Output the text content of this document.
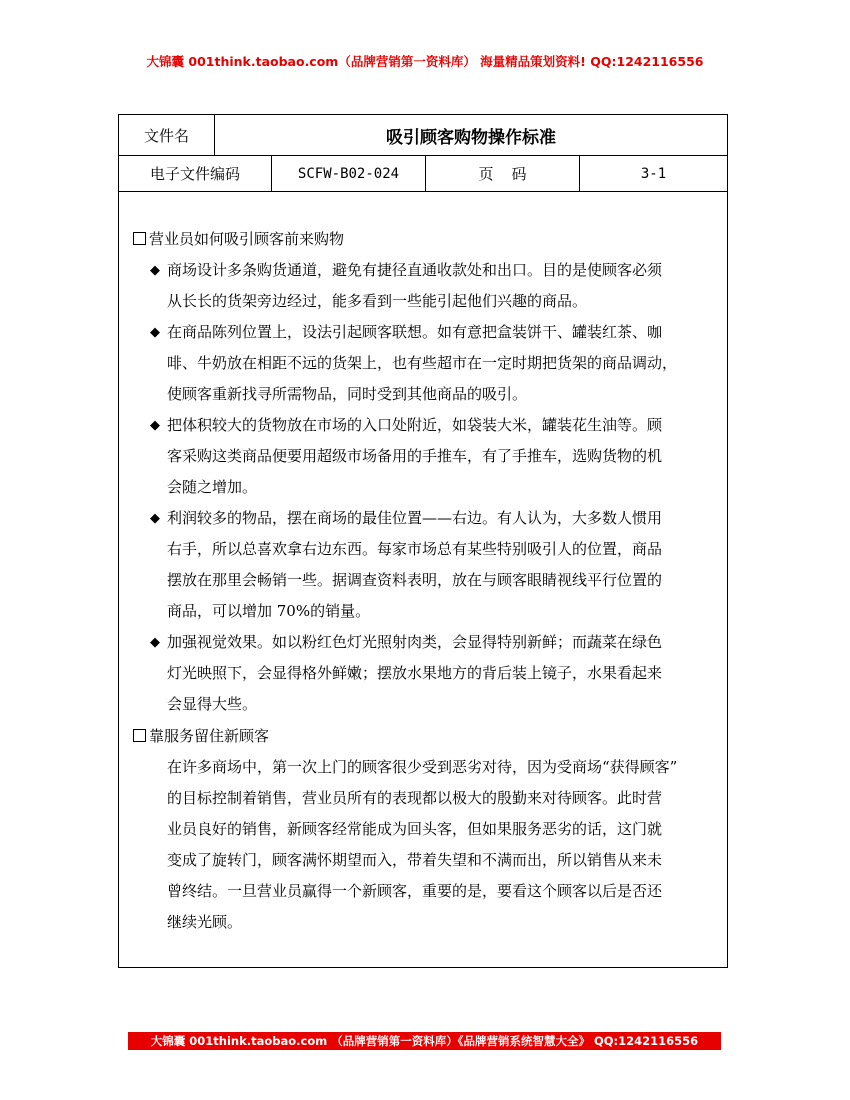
大锦囊 001think.taobao.com（品牌营销第一资料库） 海量精品策划资料! QQ:1242116556
文件名	吸引顾客购物操作标准
电子文件编码	SCFW-B02-024	页码	3-1
营业员如何吸引顾客前来购物
◆ 商场设计多条购货通道，避免有捷径直通收款处和出口。目的是使顾客必须
从长长的货架旁边经过，能多看到一些能引起他们兴趣的商品。
◆ 在商品陈列位置上，设法引起顾客联想。如有意把盒装饼干、罐装红茶、咖
啡、牛奶放在相距不远的货架上，也有些超市在一定时期把货架的商品调动，
使顾客重新找寻所需物品，同时受到其他商品的吸引。
◆ 把体积较大的货物放在市场的入口处附近，如袋装大米，罐装花生油等。顾
客采购这类商品便要用超级市场备用的手推车，有了手推车，选购货物的机
会随之增加。
◆ 利润较多的物品，摆在商场的最佳位置——右边。有人认为，大多数人惯用
右手，所以总喜欢拿右边东西。每家市场总有某些特别吸引人的位置，商品
摆放在那里会畅销一些。据调查资料表明，放在与顾客眼睛视线平行位置的
商品，可以增加 70%的销量。
◆ 加强视觉效果。如以粉红色灯光照射肉类，会显得特别新鲜；而蔬菜在绿色
灯光映照下，会显得格外鲜嫩；摆放水果地方的背后装上镜子，水果看起来
会显得大些。
靠服务留住新顾客
在许多商场中，第一次上门的顾客很少受到恶劣对待，因为受商场“获得顾客”
的目标控制着销售，营业员所有的表现都以极大的殷勤来对待顾客。此时营
业员良好的销售，新顾客经常能成为回头客，但如果服务恶劣的话，这门就
变成了旋转门，顾客满怀期望而入，带着失望和不满而出，所以销售从来未
曾终结。一旦营业员赢得一个新顾客，重要的是，要看这个顾客以后是否还
继续光顾。
大锦囊 001think.taobao.com （品牌营销第一资料库）《品牌营销系统智慧大全》 QQ:1242116556
